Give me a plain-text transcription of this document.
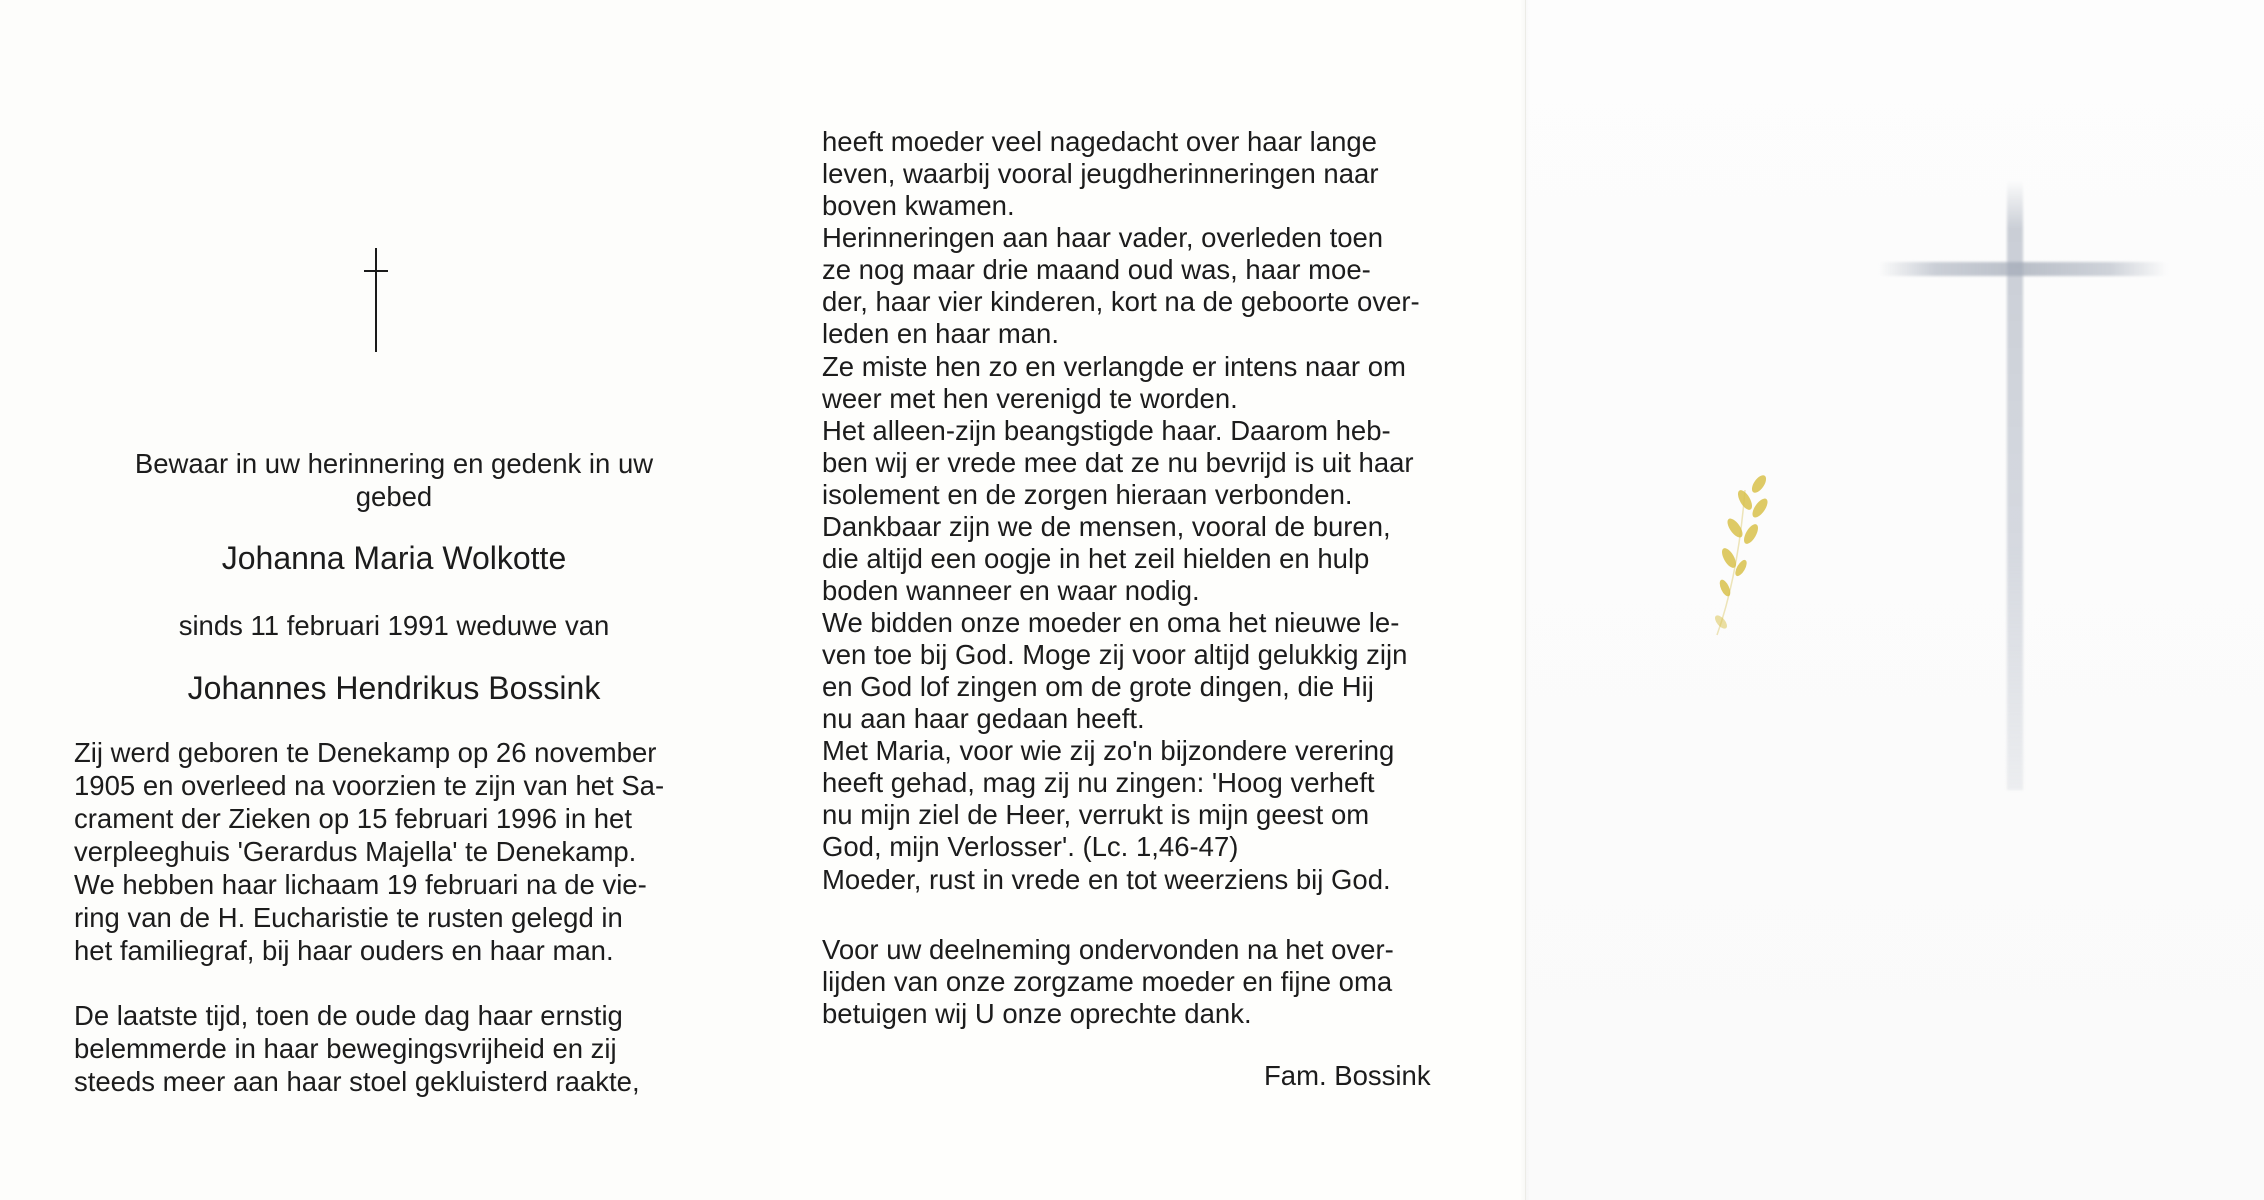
Bewaar in uw herinnering en gedenk in uw
gebed
Johanna Maria Wolkotte
sinds 11 februari 1991 weduwe van
Johannes Hendrikus Bossink
Zij werd geboren te Denekamp op 26 november
1905 en overleed na voorzien te zijn van het Sa-
crament der Zieken op 15 februari 1996 in het
verpleeghuis 'Gerardus Majella' te Denekamp.
We hebben haar lichaam 19 februari na de vie-
ring van de H. Eucharistie te rusten gelegd in
het familiegraf, bij haar ouders en haar man.
De laatste tijd, toen de oude dag haar ernstig
belemmerde in haar bewegingsvrijheid en zij
steeds meer aan haar stoel gekluisterd raakte,
heeft moeder veel nagedacht over haar lange
leven, waarbij vooral jeugdherinneringen naar
boven kwamen.
Herinneringen aan haar vader, overleden toen
ze nog maar drie maand oud was, haar moe-
der, haar vier kinderen, kort na de geboorte over-
leden en haar man.
Ze miste hen zo en verlangde er intens naar om
weer met hen verenigd te worden.
Het alleen-zijn beangstigde haar. Daarom heb-
ben wij er vrede mee dat ze nu bevrijd is uit haar
isolement en de zorgen hieraan verbonden.
Dankbaar zijn we de mensen, vooral de buren,
die altijd een oogje in het zeil hielden en hulp
boden wanneer en waar nodig.
We bidden onze moeder en oma het nieuwe le-
ven toe bij God. Moge zij voor altijd gelukkig zijn
en God lof zingen om de grote dingen, die Hij
nu aan haar gedaan heeft.
Met Maria, voor wie zij zo'n bijzondere verering
heeft gehad, mag zij nu zingen: 'Hoog verheft
nu mijn ziel de Heer, verrukt is mijn geest om
God, mijn Verlosser'. (Lc. 1,46-47)
Moeder, rust in vrede en tot weerziens bij God.
Voor uw deelneming ondervonden na het over-
lijden van onze zorgzame moeder en fijne oma
betuigen wij U onze oprechte dank.
Fam. Bossink
